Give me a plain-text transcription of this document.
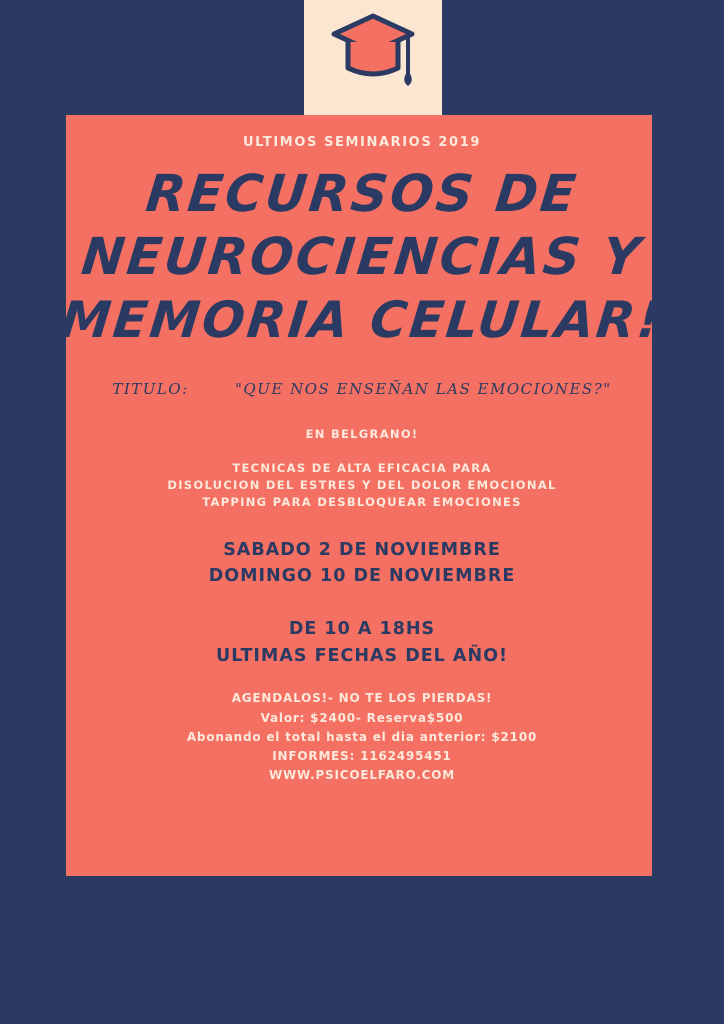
ULTIMOS SEMINARIOS 2019
RECURSOS DE
NEUROCIENCIAS Y
MEMORIA CELULAR!
TITULO:	"QUE NOS ENSEÑAN LAS EMOCIONES?"
EN BELGRANO!
TECNICAS DE ALTA EFICACIA PARA
DISOLUCION DEL ESTRES Y DEL DOLOR EMOCIONAL
TAPPING PARA DESBLOQUEAR EMOCIONES
SABADO 2 DE NOVIEMBRE
DOMINGO 10 DE NOVIEMBRE
DE 10 A 18HS
ULTIMAS FECHAS DEL AÑO!
AGENDALOS!- NO TE LOS PIERDAS!
Valor: $2400- Reserva$500
Abonando el total hasta el dia anterior: $2100
INFORMES: 1162495451
WWW.PSICOELFARO.COM
